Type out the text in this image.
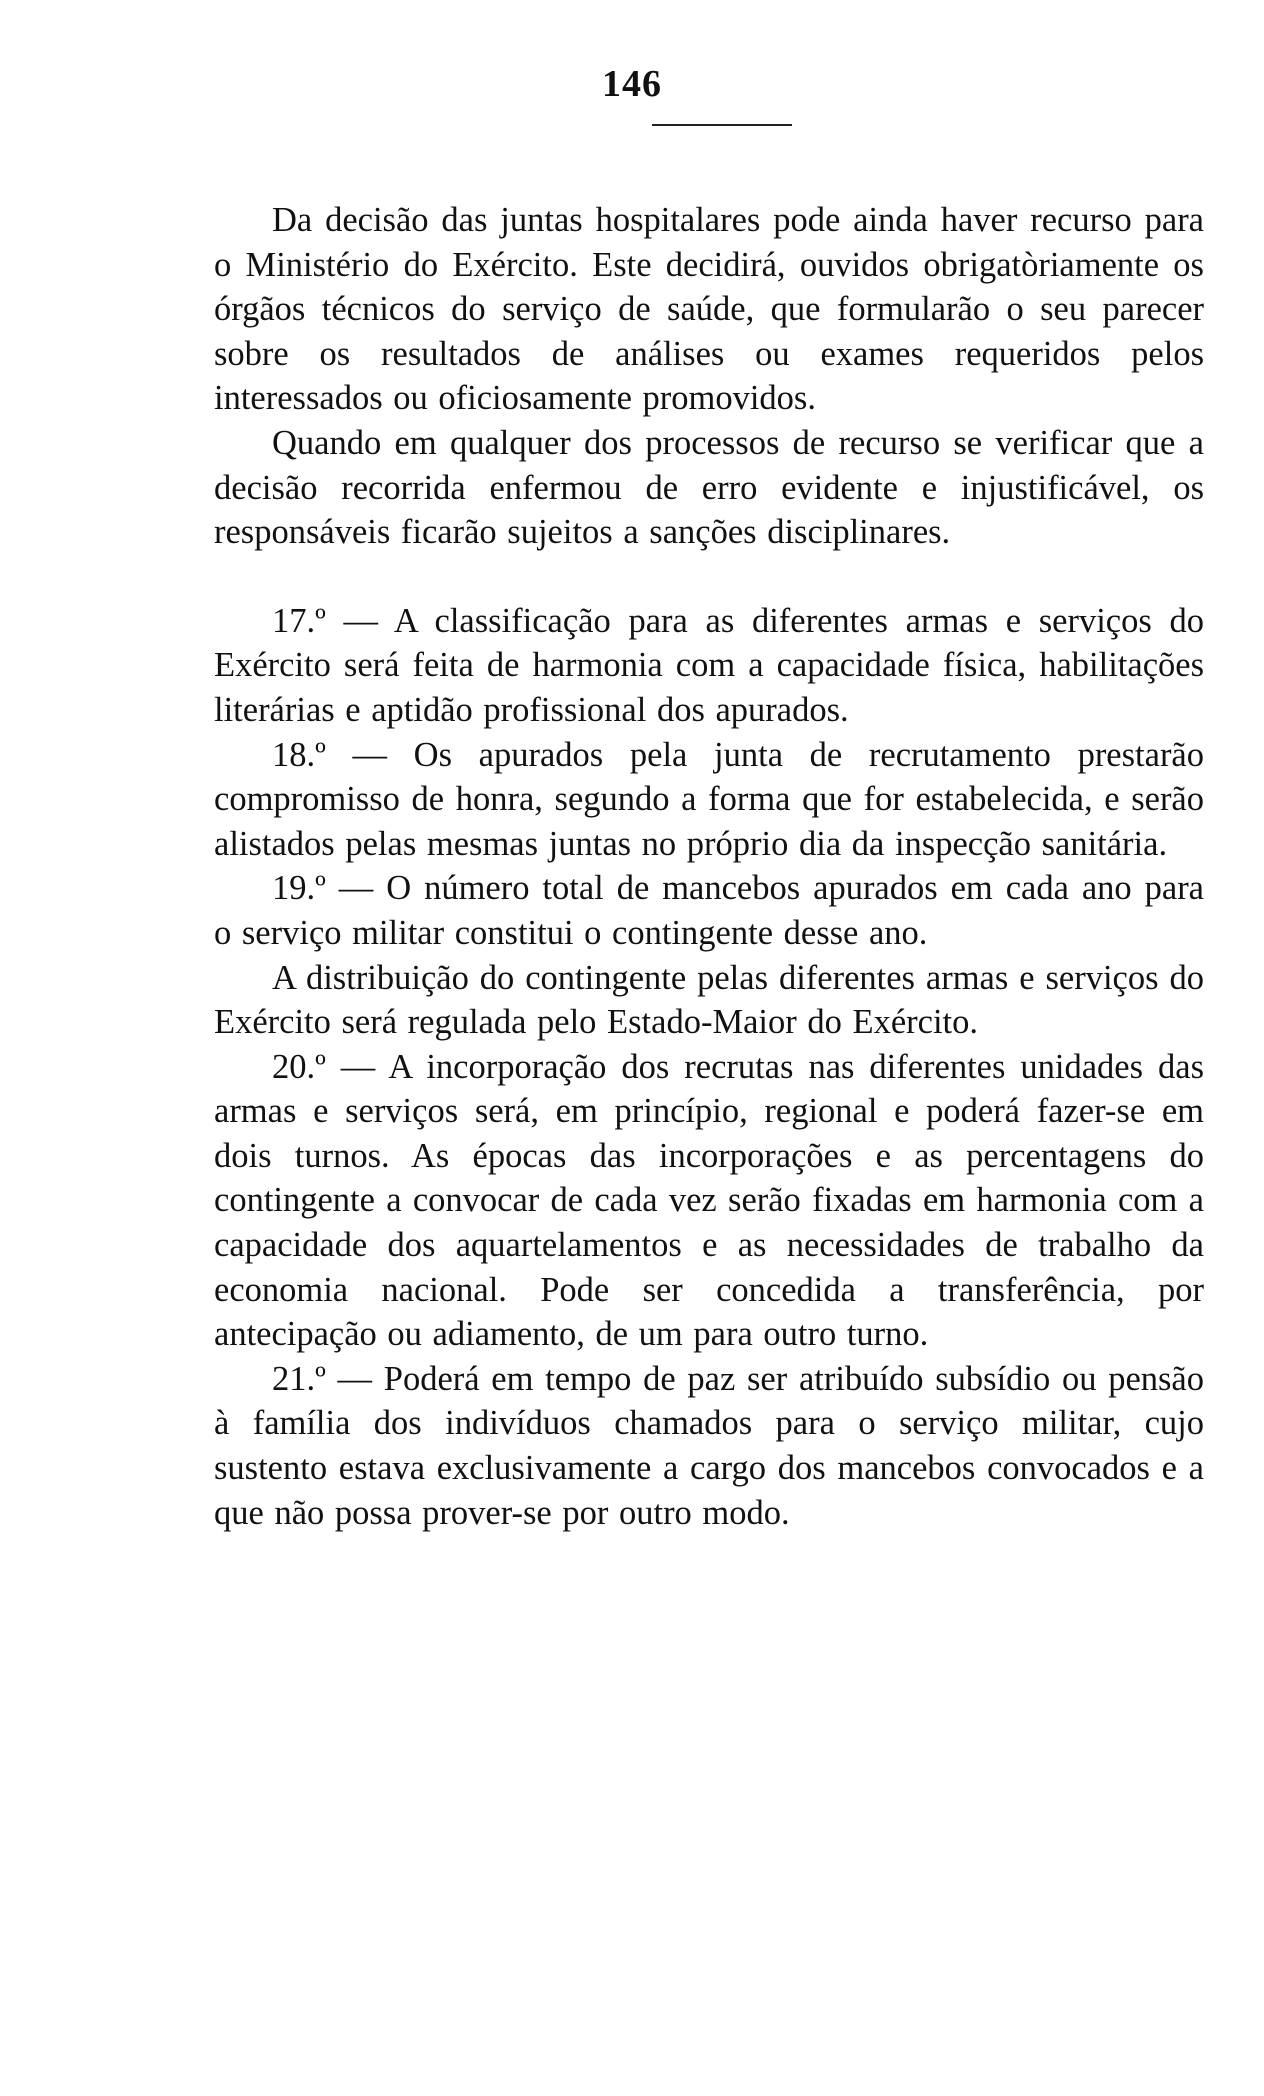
146

Da decisão das juntas hospitalares pode ainda haver recurso para o Ministério do Exército. Este decidirá, ouvidos obrigatòriamente os órgãos técnicos do serviço de saúde, que formularão o seu parecer sobre os resultados de análises ou exames requeridos pelos interessados ou oficiosamente promovidos.

Quando em qualquer dos processos de recurso se verificar que a decisão recorrida enfermou de erro evidente e injustificável, os responsáveis ficarão sujeitos a sanções disciplinares.

17.º — A classificação para as diferentes armas e serviços do Exército será feita de harmonia com a capacidade física, habilitações literárias e aptidão profissional dos apurados.

18.º — Os apurados pela junta de recrutamento prestarão compromisso de honra, segundo a forma que for estabelecida, e serão alistados pelas mesmas juntas no próprio dia da inspecção sanitária.

19.º — O número total de mancebos apurados em cada ano para o serviço militar constitui o contingente desse ano.

A distribuição do contingente pelas diferentes armas e serviços do Exército será regulada pelo Estado-Maior do Exército.

20.º — A incorporação dos recrutas nas diferentes unidades das armas e serviços será, em princípio, regional e poderá fazer-se em dois turnos. As épocas das incorporações e as percentagens do contingente a convocar de cada vez serão fixadas em harmonia com a capacidade dos aquartelamentos e as necessidades de trabalho da economia nacional. Pode ser concedida a transferência, por antecipação ou adiamento, de um para outro turno.

21.º — Poderá em tempo de paz ser atribuído subsídio ou pensão à família dos indivíduos chamados para o serviço militar, cujo sustento estava exclusivamente a cargo dos mancebos convocados e a que não possa prover-se por outro modo.
